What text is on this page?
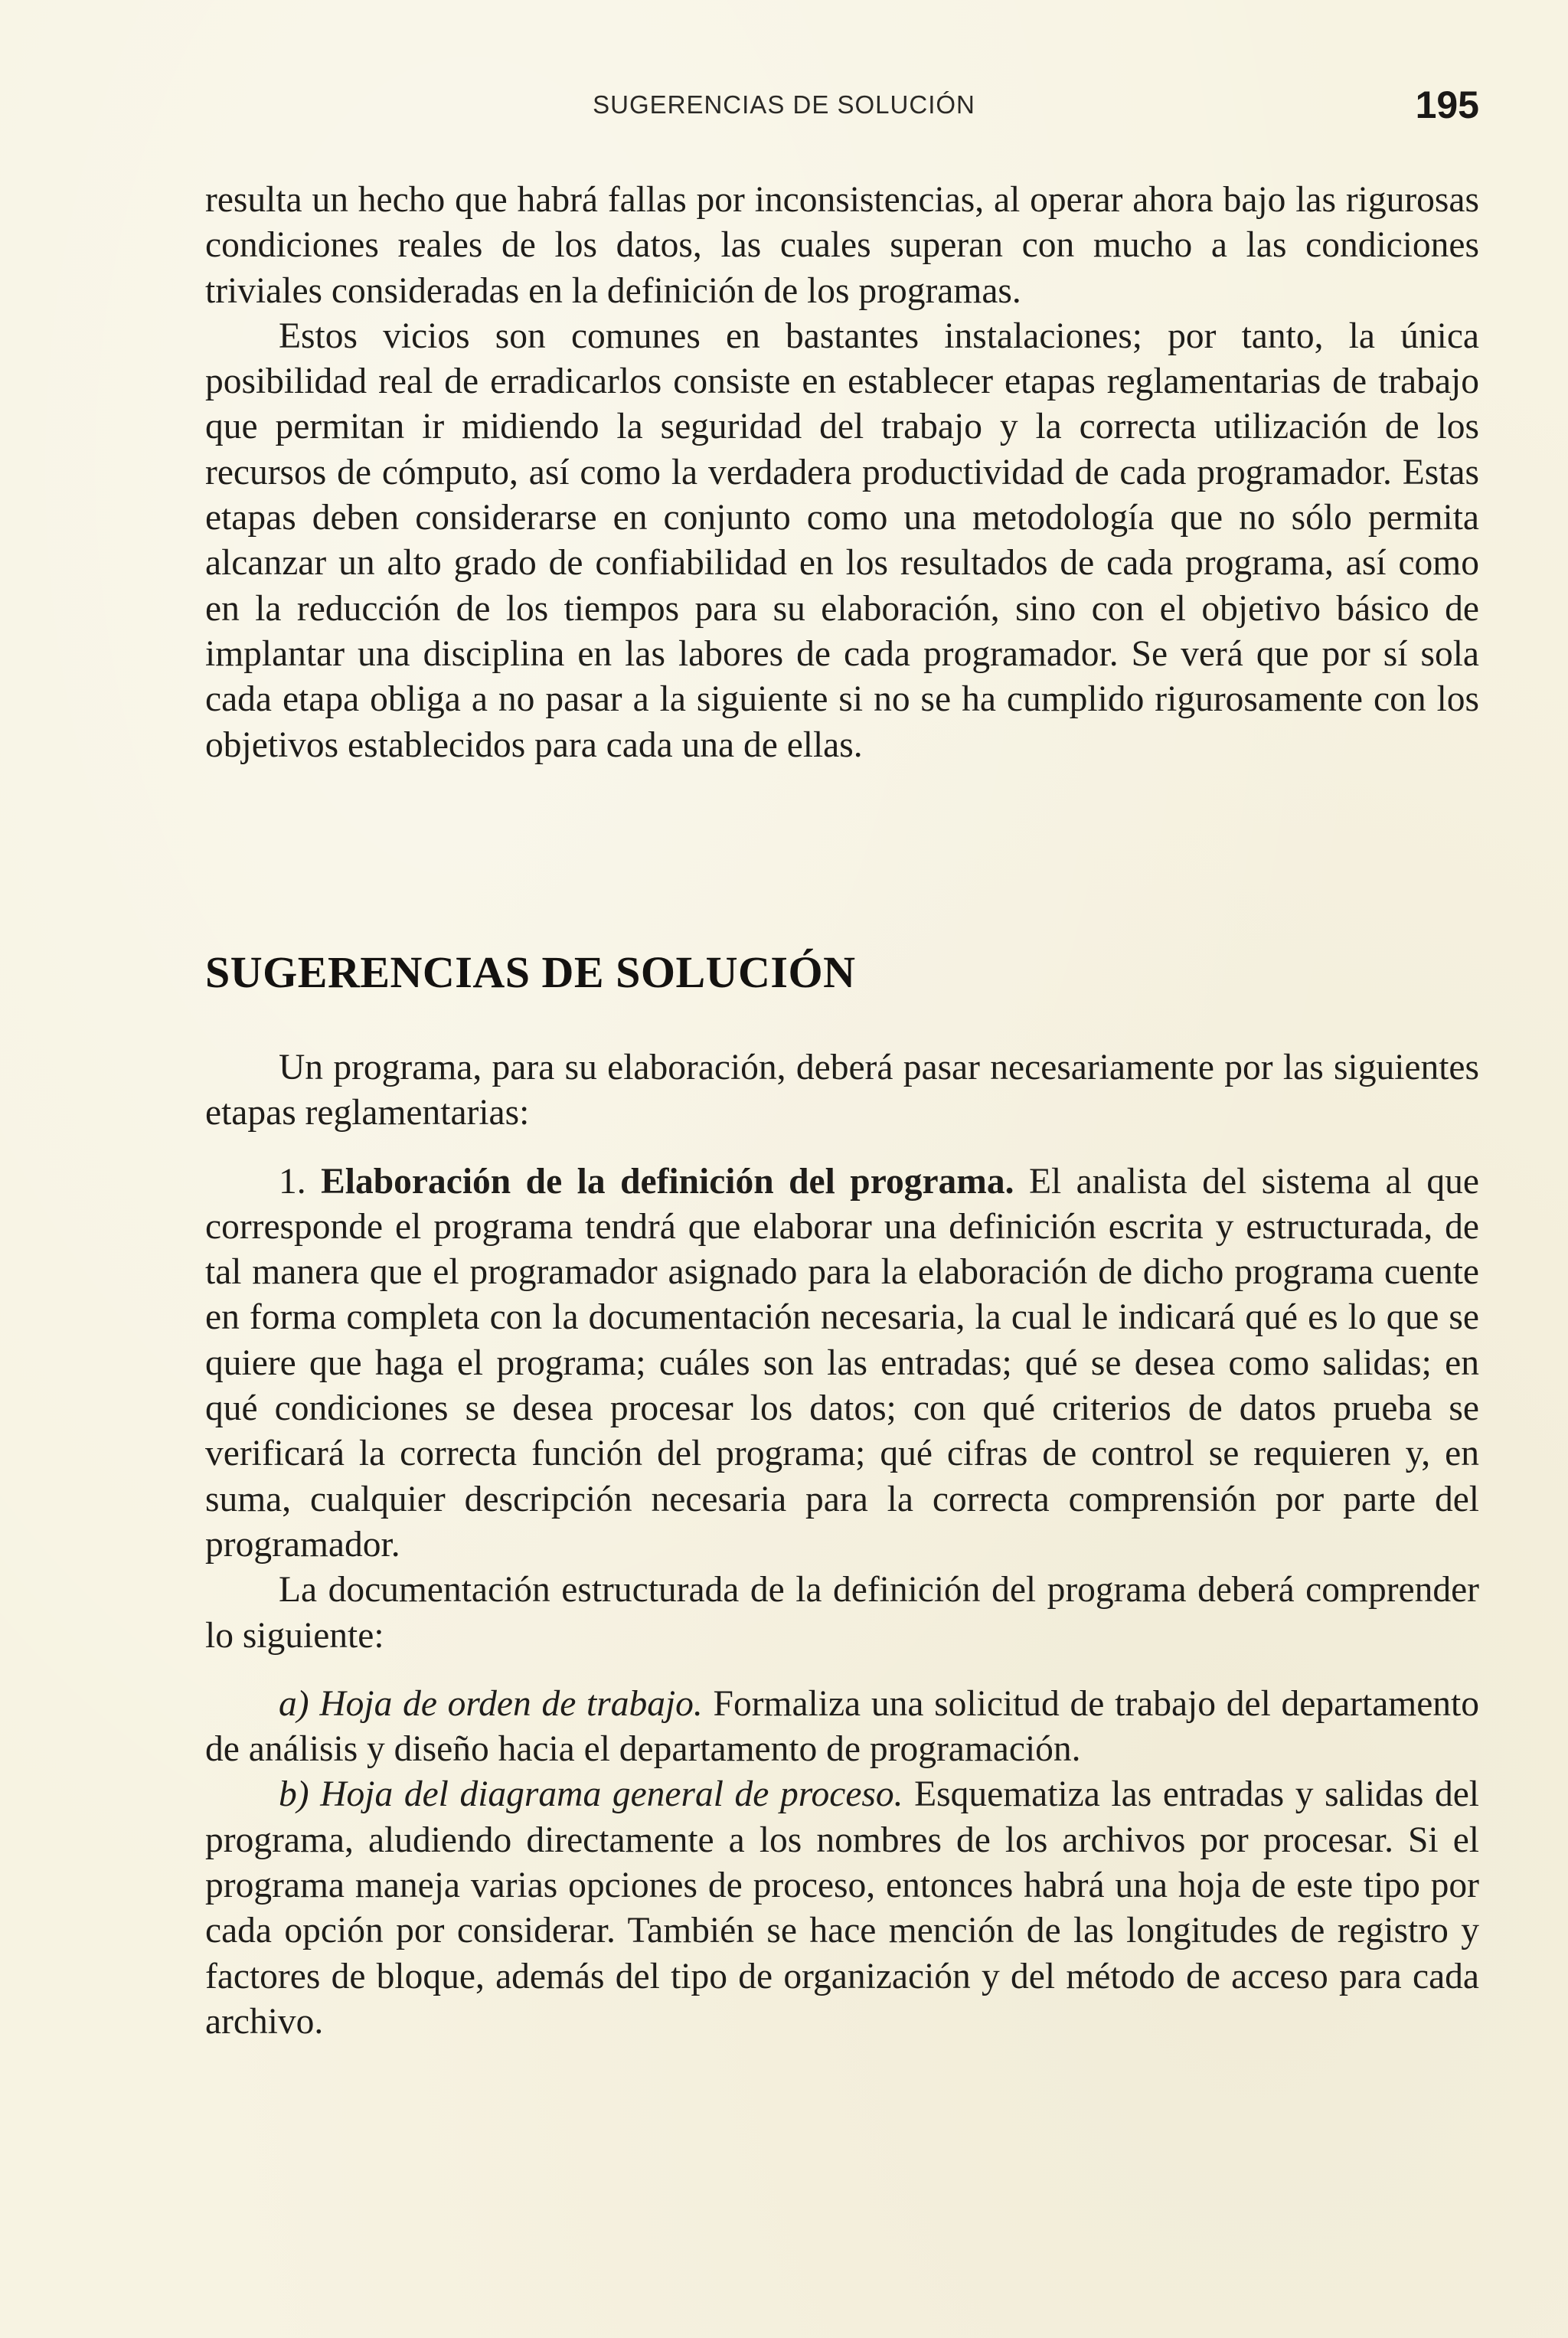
SUGERENCIAS DE SOLUCIÓN	195

resulta un hecho que habrá fallas por inconsistencias, al operar ahora bajo las rigurosas condiciones reales de los datos, las cuales superan con mucho a las condiciones triviales consideradas en la definición de los programas.

Estos vicios son comunes en bastantes instalaciones; por tanto, la única posibilidad real de erradicarlos consiste en establecer etapas reglamentarias de trabajo que permitan ir midiendo la seguridad del trabajo y la correcta utilización de los recursos de cómputo, así como la verdadera productividad de cada programador. Estas etapas deben considerarse en conjunto como una metodología que no sólo permita alcanzar un alto grado de confiabilidad en los resultados de cada programa, así como en la reducción de los tiempos para su elaboración, sino con el objetivo básico de implantar una disciplina en las labores de cada programador. Se verá que por sí sola cada etapa obliga a no pasar a la siguiente si no se ha cumplido rigurosamente con los objetivos establecidos para cada una de ellas.

SUGERENCIAS DE SOLUCIÓN

Un programa, para su elaboración, deberá pasar necesariamente por las siguientes etapas reglamentarias:

1. Elaboración de la definición del programa. El analista del sistema al que corresponde el programa tendrá que elaborar una definición escrita y estructurada, de tal manera que el programador asignado para la elaboración de dicho programa cuente en forma completa con la documentación necesaria, la cual le indicará qué es lo que se quiere que haga el programa; cuáles son las entradas; qué se desea como salidas; en qué condiciones se desea procesar los datos; con qué criterios de datos prueba se verificará la correcta función del programa; qué cifras de control se requieren y, en suma, cualquier descripción necesaria para la correcta comprensión por parte del programador.

La documentación estructurada de la definición del programa deberá comprender lo siguiente:

a) Hoja de orden de trabajo. Formaliza una solicitud de trabajo del departamento de análisis y diseño hacia el departamento de programación.

b) Hoja del diagrama general de proceso. Esquematiza las entradas y salidas del programa, aludiendo directamente a los nombres de los archivos por procesar. Si el programa maneja varias opciones de proceso, entonces habrá una hoja de este tipo por cada opción por considerar. También se hace mención de las longitudes de registro y factores de bloque, además del tipo de organización y del método de acceso para cada archivo.
